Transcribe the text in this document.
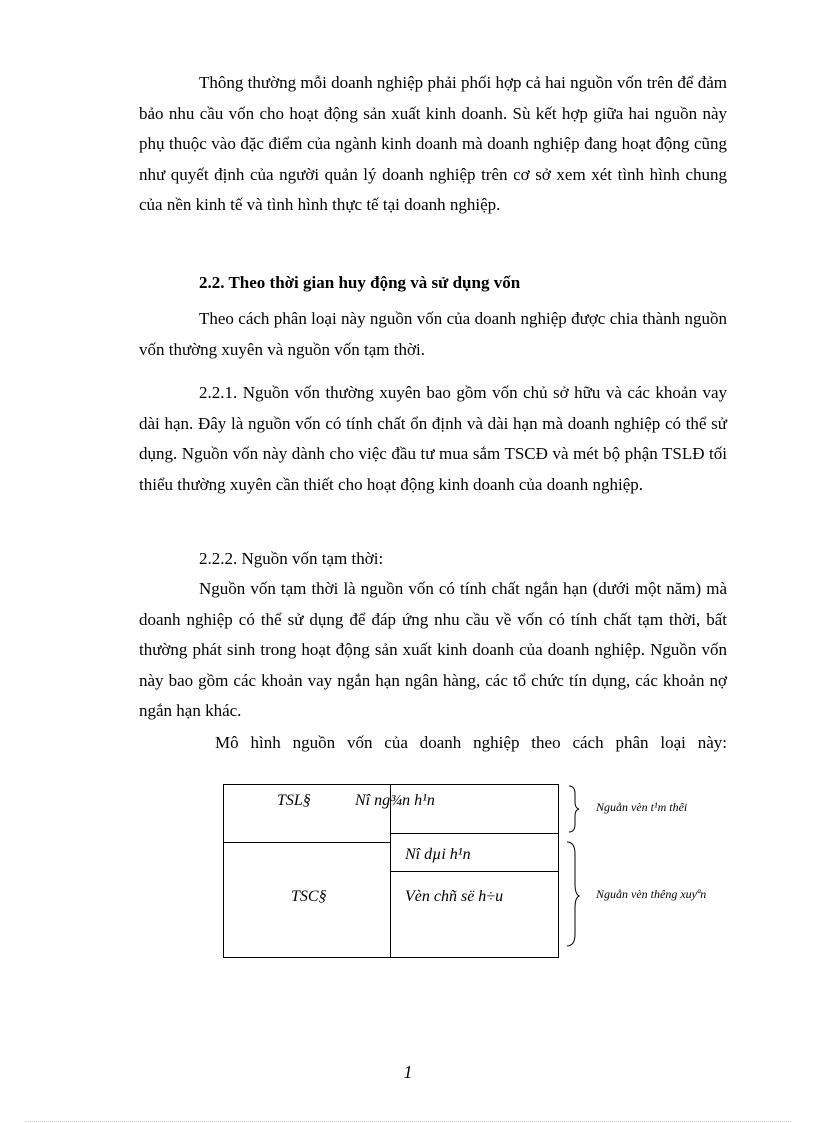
Thông thường mỗi doanh nghiệp phải phối hợp cả hai nguồn vốn trên để đảm bảo nhu cầu vốn cho hoạt động sản xuất kinh doanh. Sù kết hợp giữa hai nguồn này phụ thuộc vào đặc điểm của ngành kinh doanh mà doanh nghiệp đang hoạt động cũng như quyết định của người quản lý doanh nghiệp trên cơ sở xem xét tình hình chung của nền kinh tế và tình hình thực tế tại doanh nghiệp.

2.2. Theo thời gian huy động và sử dụng vốn

Theo cách phân loại này nguồn vốn của doanh nghiệp được chia thành nguồn vốn thường xuyên và nguồn vốn tạm thời.

2.2.1. Nguồn vốn thường xuyên bao gồm vốn chủ sở hữu và các khoản vay dài hạn. Đây là nguồn vốn có tính chất ổn định và dài hạn mà doanh nghiệp có thể sử dụng. Nguồn vốn này dành cho việc đầu tư mua sắm TSCĐ và mét bộ phận TSLĐ tối thiểu thường xuyên cần thiết cho hoạt động kinh doanh của doanh nghiệp.

2.2.2. Nguồn vốn tạm thời:

Nguồn vốn tạm thời là nguồn vốn có tính chất ngắn hạn (dưới một năm) mà doanh nghiệp có thể sử dụng để đáp ứng nhu cầu về vốn có tính chất tạm thời, bất thường phát sinh trong hoạt động sản xuất kinh doanh của doanh nghiệp. Nguồn vốn này bao gồm các khoản vay ngắn hạn ngân hàng, các tổ chức tín dụng, các khoản nợ ngắn hạn khác.

Mô hình nguồn vốn của doanh nghiệp theo cách phân loại này:

TSL§	Nî ng¾n h¹n
Nî dµi h¹n
TSC§	Vèn chñ së h÷u
Nguån vèn t¹m thêi
Nguån vèn thêng xuyªn
1
